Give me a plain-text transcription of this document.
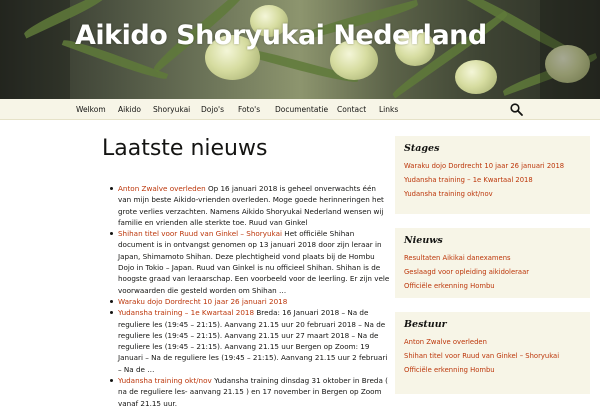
Aikido Shoryukai Nederland
Welkom Aikido Shoryukai Dojo's Foto's Documentatie Contact Links
Laatste nieuws
Anton Zwalve overleden Op 16 januari 2018 is geheel onverwachts één van mijn beste Aikido-vrienden overleden. Moge goede herinneringen het grote verlies verzachten. Namens Aikido Shoryukai Nederland wensen wij familie en vrienden alle sterkte toe. Ruud van Ginkel
Shihan titel voor Ruud van Ginkel – Shoryukai Het officiële Shihan document is in ontvangst genomen op 13 januari 2018 door zijn leraar in Japan, Shimamoto Shihan. Deze plechtigheid vond plaats bij de Hombu Dojo in Tokio – Japan. Ruud van Ginkel is nu officieel Shihan. Shihan is de hoogste graad van leraarschap. Een voorbeeld voor de leerling. Er zijn vele voorwaarden die gesteld worden om Shihan …
Waraku dojo Dordrecht 10 jaar 26 januari 2018
Yudansha training – 1e Kwartaal 2018 Breda: 16 Januari 2018 – Na de reguliere les (19:45 – 21:15). Aanvang 21.15 uur 20 februari 2018 – Na de reguliere les (19:45 – 21:15). Aanvang 21.15 uur 27 maart 2018 – Na de reguliere les (19:45 – 21:15). Aanvang 21.15 uur Bergen op Zoom: 19 Januari – Na de reguliere les (19:45 – 21:15). Aanvang 21.15 uur 2 februari – Na de …
Yudansha training okt/nov Yudansha training dinsdag 31 oktober in Breda ( na de reguliere les- aanvang 21.15 ) en 17 november in Bergen op Zoom vanaf 21.15 uur.
Stages
Waraku dojo Dordrecht 10 jaar 26 januari 2018
Yudansha training – 1e Kwartaal 2018
Yudansha training okt/nov
Nieuws
Resultaten Aikikai danexamens
Geslaagd voor opleiding aikidoleraar
Officiële erkenning Hombu
Bestuur
Anton Zwalve overleden
Shihan titel voor Ruud van Ginkel – Shoryukai
Officiële erkenning Hombu
